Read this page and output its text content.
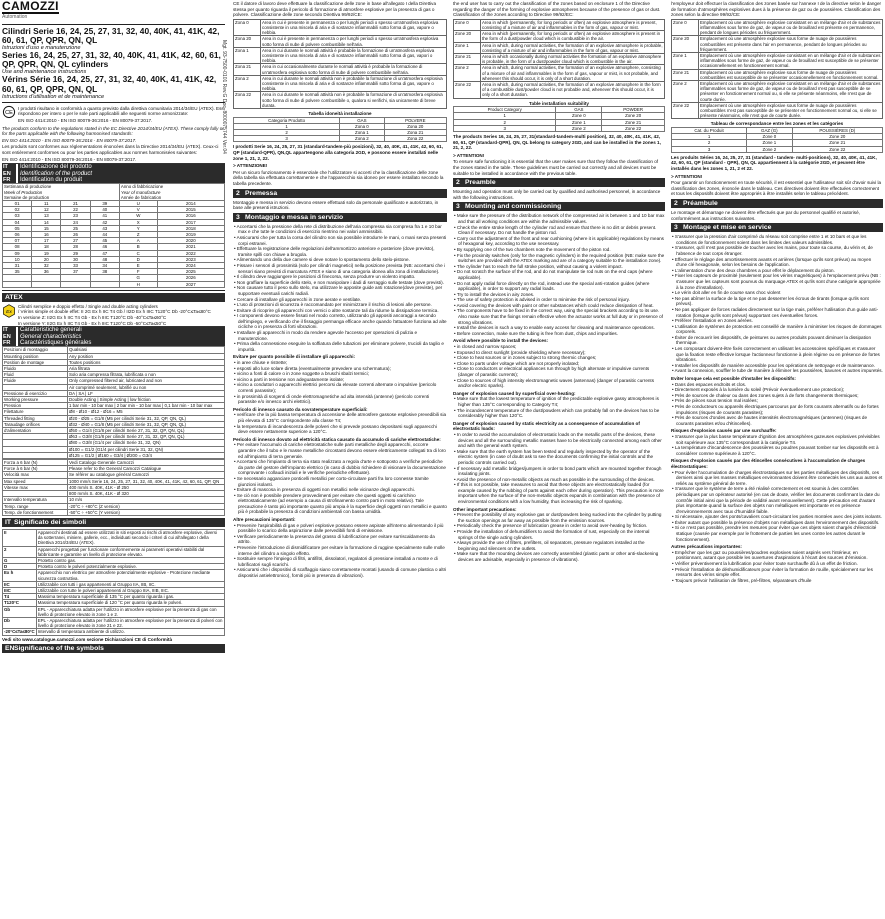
CAMOZZI
Automation
Cilindri Serie 16, 24, 25, 27, 31, 32, 40, 40K, 41, 41K, 42, 60, 61, QP, QPR, QN, QL
Istruzioni d'uso e manutenzione
Series 16, 24, 25, 27, 31, 32, 40, 40K, 41, 41K, 42, 60, 61, QP, QPR, QN, QL cylinders
Use and maintenance instructions
Vérins Série 16, 24, 25, 27, 31, 32, 40, 40K, 41, 41K, 42, 60, 61, QP, QPR, QN, QL
Istructions d'utilisation et de maintenance
CE
I prodotti risultano in conformità a quanto previsto dalla direttiva comunitaria 2014/34/EU (ATEX). Essi rispondono per intero o per le sole parti applicabili alle seguenti norme armonizzate:
EN ISO 4414:2010 - EN ISO 80079-36:2016 - EN 80079-37:2017.
The products conform to the regulations stated in the EC Directive 2014/34/EU (ATEX). These comply fully or for the parts applicable with the following harmonised standards:
EN ISO 4414:2010 - EN ISO 80079-36:2016 - EN 80079-37:2017.
Les produits sont conformes aux réglementations énoncées dans la Directive 2014/34/EU (ATEX). Ceux-ci sont entièrement conformes ou pour les parties applicables aux normes harmonisées suivantes:
EN ISO 4414:2010 - EN ISO 80079-36:2016 - EN 80079-37:2017.
IT
EN
FR
Identificazione del prodotto
Identification of the product
Identification du produit
Settimana di produzione
Week of Production
Semaine de production				Anno di fabbricazione
Year of manufacture
Année de fabrication	
01	11	21	39	U	2014
02	12	22	40	V	2015
03	13	23	41	W	2016
04	14	24	42	X	2017
05	15	25	43	Y	2018
06	16	26	44	Z	2019
07	17	27	45	A	2020
08	18	28	46	B	2021
09	19	29	47	C	2022
10	20	30	48	D	2023
31	32	33	34	E	2024
35	36	37	38	F	2025
				G	2026
				H	2027
ATEX
Ex
Cilindri semplice e doppio effetto / Single and double acting cylinders
/ Vérins simple et double effet: II 2G Ex h IIC T4 Gb / II2D Ex h IIIC T120°C Db -20°C≤Ta≤80°C
In versione Z: II2G Ex h IIC T4 Gb - Ex h IIIC T120°C Db -40°C≤Ta≤60°C
In versione Y: II2G Ex h IIC T4 Gb - Ex h IIIC T120°C Db -50°C≤Ta≤50°C
IT
EN
FR
Caratteristiche generali
General characteristics
Caractéristiques générales
Posizioni di montaggio	Qualsiasi
Mounting position	Any position
Position de montage	Toutes positions
Fluido	Aria filtrata
Fluid	Solo aria compressa filtrata, lubrificata o non
Fluide	Only compressed filtered air, lubricated and non
	Air comprimé seulement, lubrifié ou non
Pressione di esercizio	DA | SA | LF
Working pressure	Double Acting | Simple Acting | low friction
Pression	1 bar min - 10 bar max | 2 bar min - 10 bar max | 0,1 bar min - 10 bar max
Filettature	Ø8 - Ø10 - Ø12 - Ø16 = M5
Threaded fitting	Ø20 - Ø25 = G1/8 (M5 per cilindri Serie 31, 32, QP, QN, QL)
Taraudage orifices	Ø32 - Ø40 = G1/8 (M5 per cilindri Serie 31, 32, QP, QN, QL)
d'alimentation	Ø50 = G1/4 (G1/8 per cilindri Serie 27, 31, 32, QP, QN, QL)
	Ø63 = G3/8 (G1/8 per cilindri Serie 27, 31, 32, QP, QN, QL)
	Ø80 = G3/8 (G1/4 per cilindri Serie 31, 32, QN)
	Ø100 = G1/2 (G1/4 per cilindri Serie 31, 32, QN)
	Ø125 = G1/2 | Ø160 = G3/4 | Ø200 = G3/4
Forza a 6 bar (N)	Vedi Catalogo Generale Camozzi
Force à 6 bar (N)	Please refer to the General Camozzi Catalogue
Velocità max	Se référer au catalogue général Camozzi
Max speed	1000 mm/s Serie 16, 24, 25, 27, 31, 32, 40, 40K, 41, 41K, 42, 60, 61, QP, QN
Vitesse max	400 mm/s S. 40K, 41K - Ø 250
	800 mm/s S. 40K, 41K - Ø 320
Intervallo temperatura	10 m/s
Temp. range	-20°C ÷ +80°C (Z version)
Temp. de fonctionnement	-50°C ÷ +50°C (Y version)
IT Significato dei simboli
II	Apparecchi destinati ad essere utilizzati in siti esposti ai rischi di atmosfere esplosive, diversi da sotterranei, miniere, gallerie, ecc., individuati secondo i criteri di cui all'allegato I della Direttiva 2014/34/EU (ATEX).
2	Apparecchi progettati per funzionare conformemente ai parametri operativi stabiliti dal fabbricante e garantire un livello di protezione elevato.
G	Protetto contro gas.
D	Protetto contro le polveri potenzialmente esplosive.
Ex h	Apparecchio non elettrico per atmosfere potenzialmente esplosive - Protezione mediante sicurezza costruttiva.
IIC	Utilizzabile con tutti i gas appartenenti al Gruppo IIA, IIB, IIC.
IIIC	Utilizzabile con tutte le polveri appartenenti al Gruppo IIIA, IIIB, IIIC.
T4	Massima temperatura superficiale di 135 °C per quanto riguarda i gas.
T120°C	Massima temperatura superficiale di 120 °C per quanto riguarda le polveri.
Gb	EPL - Apparecchiatura adatta per l'utilizzo in atmosfere esplosive per la presenza di gas con livello di protezione elevato in zone 1 e 2.
Db	EPL - Apparecchiatura adatta per l'utilizzo in atmosfere esplosive per la presenza di polveri con livello di protezione elevato in zone 21 e 22.
-20°C≤Ta≤80°C	Intervallo di temperatura ambiente di utilizzo.
Vedi sito www.catalogue.camozzi.com sezione Dichiarazioni CE di Conformità
ENSignificance of the symbols
Mgt. 93-7500-0101 Rev.G Doc. 8000075744 Ver.04
CE il datore di lavoro deve effettuare la classificazione delle zone in base all'allegato I della Direttiva stessa per quanto riguarda il pericolo di formazione di atmosfere esplosive per la presenza di gas o polvere. Classificazione delle zone secondo Direttiva 99/92/CE:
Zona 0	Area in cui è presente in permanenza o per lunghi periodi o spesso un'atmosfera esplosiva consistente in una miscela di aria e di sostanze infiammabili sotto forma di gas, vapore o nebbia.
Zona 20	Area in cui è presente in permanenza o per lunghi periodi o spesso un'atmosfera esplosiva sotto forma di nube di polvere combustibile nell'aria.
Zona 1	Area in cui durante le normali attività è probabile la formazione di un'atmosfera esplosiva consistente in una miscela di aria e di sostanze infiammabili sotto forma di gas, vapori o nebbia.
Zona 21	Area in cui occasionalmente durante le normali attività è probabile la formazione di un'atmosfera esplosiva sotto forma di nube di polvere combustibile nell'aria.
Zona 2	Area in cui durante le normali attività non è probabile la formazione di un'atmosfera esplosiva consistente in una miscela di aria e di sostanze infiammabili sotto forma di gas, vapore o nebbia.
Zona 22	Area in cui durante le normali attività non è probabile la formazione di un'atmosfera esplosiva sotto forma di nube di polvere combustibile o, qualora si verifichi, sia unicamente di breve durata.
Tabella idoneità installazione
Categoria Prodotto	GAS	POLVERE
1	Zona 0	Zona 20
2	Zona 1	Zona 21
3	Zona 2	Zona 22
I prodotti Serie 16, 24, 25, 27, 31 (standard-tandem-più posizioni), 32, 40, 40K, 41, 41K, 42, 60, 61, QP (standard-QPR), QN,QL appartengono alla categoria 2GD, e possono essere installati nelle zone 1, 21, 2, 22.
> ATTENZIONE!
Per un sicuro funzionamento è essenziale che l'utilizzatore si accerti che la classificazione delle zone della tabella sia effettuata correttamente e che l'apparecchio sia idoneo per essere installato secondo la tabella precedente.
2 Premessa
Montaggio e messa in servizio devono essere effettuati solo da personale qualificato e autorizzato, in base alle presenti istruzioni.
3 Montaggio e messa in servizio
• Accertarsi che la pressione della rete di distribuzione dell'aria compressa sia compresa fra 1 e 10 bar max e che tutte le condizioni di esercizio rientrino nei valori ammissibili.
• Assicurarsi che per tutta la corsa del cilindro non sia possibile introdurre le mani, o mani senza presenti corpi estranei.
• Effettuare la registrazione delle regolazioni dell'ammortizzo anteriore e posteriore (dove previsto), tramite spilli con chiave a brugola.
• Alimentando uno della due camere si deve notare lo spostamento dello stelo-pistone.
• Fissare i sensori di prossimità (solo per cilindri magnetici) nella posizione prevista (NB: accertarsi che i sensori siano previsti di marcatura ATEX e siano di una categoria idonea alla zona di installazione).
• Il cilindro deve raggiungere le posizioni di finecorsa, senza produrre un violento impatto.
• Non graffiare la superficie dello stelo, e non manipolare i dadi di serraggio sulle testate (dove previsti).
• Non causare tutto il peso sullo stelo, ma utilizzare le apposite guide anti rotazione(dove previste), per supportare eventuali carichi radiali.
• Cercare di installare gli apparecchi in zone aerate e ventilate.
• L'uso di protezioni di sicurezza è raccomandato per minimizzare il rischio di lesioni alle persone.
• Evitare di ricoprire gli apparecchi con vernici o altre sostanze tali da ridurne la dissipazione termica.
• I componenti devono essere fissati nel modo corretto, utilizzando gli appositi ancoraggi a secondo dell'impiego, e verificando che il fissaggio permanga efficace anche quando l'attuatore funziona ad alte cicliche o in presenza di forti vibrazioni.
• Installare gli apparecchi in modo da rendere agevole l'accesso per operazioni di pulizia e manutenzione.
• Prima della connessione eseguire la soffiatura delle tubazioni per eliminare polvere, trucioli da taglio e impurità.
Evitare per quanto possibile di installare gli apparecchi:
• in aree chiuse e ristrette;
• esposti allo luce solare diretta (eventualmente prevedere uno schermatura);
• vicino a fonti di calore o in zone soggette a bruschi sbalzi termici;
• vicino a parti in tensione non adeguatamente isolate;
• vicino a conduttori o apparecchi elettrici percorsi da elevate correnti alternate o impulsive (pericolo correnti parassite);
• in prossimità di sorgenti di onde elettromagnetiche ad alta intensità (antenne) (pericolo correnti parassite e/o innesco archi elettrici).
Pericolo di innesco causato da sovratemperature superficiali:
• verificare che la più bassa temperatura di accensione delle atmosfere gassose esplosive prevedibili sia più elevata di 135°C corrispondente alla classe T4;
• la temperatura di incandescenza delle polveri che si prevede possano depositarsi sugli apparecchi deve essere nettamente superiore a 120°C.
Pericolo di innesco dovuto ad elettricità statica causato da accumulo di cariche elettrostatiche:
• Per evitare l'accumulo di cariche elettrostatiche sulle parti metalliche degli apparecchi, occorre garantire che il tubo e le masse metalliche circostanti devono essere elettricamente collegati tra di loro ed all'impianto di terra generale.
• Accertarsi che l'impianto di terra sia stato realizzato a regola d'arte e sottoposto a verifiche periodiche da parte del gestore dell'impianto elettrico (in caso di dubbio richiedere di visionare la documentazione comprovante i collaudi iniziali e le verifiche periodiche effettuate).
• Se necessario agganciare ponticelli metallici per corto-circuitare parti fra loro connesse tramite giunzioni isolanti.
• Evitare di mascosa in presenza di oggetti non metallici nelle vicinanze degli apparecchi.
• Se ciò non è possibile prendere provvedimenti per evitare che questi oggetti si carichino elettrostaticamente (ad esempio a causa di strofinamento contro parti in moto relativo). Tale precauzione è tanto più importante quanto più ampia è la superficie degli oggetti non metallici e quanto più è probabile la presenza di condizioni ambientali con bassa umidità.
Altre precauzioni importanti:
• Prevenire l'aspirabilità di gas e polveri esplosive possano essere aspirate all'interno alimentando il più possibile lo scarico della aspirazione dalle pervedibili fonti di emissione.
• Verificare periodicamente la presenza del grasso di lubrificazione per evitare surriscaldamento da attrito.
• Prevenire l'introduzione di dismidificatore per evitare la formazione di ruggine specialmente sulle molle interne del cilindro a singolo effetto.
• Sostituire sempre l'impiego di filtri, antifiltri, dissolatori, regolatori di pressione installati a monte e di lubrificatori sugli scarichi.
• Assicurarsi che i dispositivi di scaffaggio siano correttamente montati (usando di comune plastica o altri dispositivi antielettronico), forniti più in presenza di vibrazioni).
the end user has to carry out the classification of the zones based on enclosure 1 of the Directive regarding the danger of the forming of explosive atmospheres because of the presence of gas or dust. Classification of the zones according to Directive 99/92/EC:
Zone 0	Area in which (permanently, for long periods or often) an explosive atmosphere is present, consisting of a mixture of air and inflammables in the form of gas, vapour or mist.
Zone 20	Area in which (permanently, for long periods or often) an explosive atmosphere is present in the form of a dust/powder cloud which is combustible in the air.
Zone 1	Area in which, during normal activities, the formation of an explosive atmosphere is probable, consisting of a mixture of air and inflammables in the form of gas, vapour or mist.
Zone 21	Area in which occasionally during normal activities the formation of an explosive atmosphere is probable, in the form of a dust/powder cloud which is combustible in the air.
Zone 2	Area in which, during normal activities, the formation of an explosive atmosphere, consisting of a mixture of air and inflammables in the form of gas, vapour or mist, is not probable, and whenever this should occur, it is only of a short duration.
Zone 22	Area in which, during normal activities, the formation of an explosive atmosphere in the form of a combustible dust/powder cloud is not probable and, whenever this should occur, it is only of a short duration.
Table installation suitability
Product Category	GAS	POWDER
1	Zone 0	Zone 20
2	Zone 1	Zone 21
3	Zone 2	Zone 22
The products Series 16, 24, 25, 27, 31(standard-tandem-multi position), 32, 40, 40K, 41, 41K, 42, 60, 61, QP (standard-QPR), QN, QL belong to category 2GD, and can be installed in the zones 1, 21, 2, 22.
> ATTENTION!
To ensure safe functioning it is essential that the user makes sure that they follow the classification of the zones stated in the table. These guidelines must be carried out correctly and all devices must be suitable to be installed in accordance with the previous table.
2 Preamble
Mounting and operation must only be carried out by qualified and authorised personnel, in accordance with the following instructions.
3 Mounting and commissioning
• Make sure the pressure of the distribution network of the compressed air is between 1 and 10 bar max and that all working conditions are within the admissible values.
• Check the entire stroke length of the cylinder rod and ensure that there is no dirt or debris present. Clean if necessary. Do not handle the piston rod.
• Carry out the adjustment of the front and rear cushioning (where it is applicable) regulations by means of hexagonal key, according to the use necessary.
• By supplying one of the two chambers note the movement of the piston rod.
• Fix the proximity switches (only for the magnetic cylinders) in the required position (NB: make sure the switches are provided with the ATEX marking and are of a category suitable to the installation zone).
• The cylinder has to reach the full stroke position, without causing a violent impact.
• Do not scratch the surface of the rod, and do not manipulate tie rod nuts on the end caps (where applicable).
• Do not apply radial force directly on the rod, instead use the special anti-rotation guides (where applicable), in order to support any radial loads.
• Try to install the devices in airy zones.
• The use of safety protection is advised in order to minimise the risk of personal injury.
• Avoid covering the devices with paint or other substances which could reduce dissipation of heat.
• The components have to be fixed in the correct way, using the special brackets according to its use. Also make sure that the fixings remain effective when the actuator works at full duty or in presence of strong vibrations.
• Install the devices in such a way to enable easy access for cleaning and maintenance operations.
• Before connection, make sure the tubing is free from dust, chips and impurities.
Avoid where possible to install the devices:
• in closed and narrow spaces;
• Exposed to direct sunlight (provide shielding where necessary);
• Close to heat sources or in zones subject to strong thermic changes;
• Close to parts under voltage which are not properly isolated;
• Close to conductors or electrical appliances run through by high alternate or impulsive currents (danger of parasitic currents);
• Close to sources of high intensity electromagnetic waves (antennas) (danger of parasitic currents and/or electric sparks).
Danger of explosion caused by superficial over-heating:
• Make sure that the lowest temperature of ignition of the predictable explosive gassy atmospheres is higher than 135°C corresponding to Category T4;
• The incandescent temperature of the dust/powders which can probably fall on the devices has to be considerably higher than 120°C.
Danger of explosion caused by static electricity as a consequence of accumulation of electrostatic loads:
• In order to avoid the accumulation of electrostatic loads on the metallic parts of the devices, these devices and all the surrounding metallic masses have to be electrically connected among each other and with the general earth system.
• Make sure that the earth system has been tested and regularly inspected by the operator of the electric system (in case of doubt ask to see the documents confirming the initial controls and the periodic controls carried out).
• If necessary add metallic bridges/jumpers in order to bond parts which are mounted together through insulating joints.
• Avoid the presence of non-metallic objects as much as possible in the surrounding of the devices.
• If this is not possible, take measures to avoid that these objects are electrostatically loaded (for example caused by the rubbing of parts against each other during operation). This precaution is more important when the surface of the non-metallic objects expands in combination with the presence of environmental conditions with a low humidity, thus increasing the risk of sparking.
Other important precautions:
• Prevent the possibility of any explosive gas or dust/powders being sucked into the cylinder by putting the suction openings as far away as possible from the emission sources.
• Periodically check the presence of lubrication grease in order to avoid over-heating by friction.
• Provide the installation of dehumidifiers to avoid the formation of rust, especially on the internal springs of the single acting cylinders.
• Always provide the use of filters, prefilters, oil separators, pressure regulators installed at the beginning and silencers on the outlets.
• Make sure that the mounting devices are correctly assembled (plastic parts or other anti-slackening devices are advisable, especially in presence of vibrations).
l'employeur doit effectuer la classification des zones basée sur l'annexe I de la directive selon le danger de formation d'atmosphères explosives dues à la présence de gaz ou de poussières. Classification des zones selon la directive 99/92/CE:
Zone 0	Emplacement où une atmosphère explosive consistant en un mélange d'air et de substances inflammables sous forme de gaz, de vapeur ou de brouillard est présente en permanence, pendant de longues périodes ou fréquemment.
Zone 20	Emplacement où une atmosphère explosive sous forme de nuage de poussières combustibles est présente dans l'air en permanence, pendant de longues périodes ou fréquemment.
Zone 1	Emplacement où une atmosphère explosive consistant en un mélange d'air et de substances inflammables sous forme de gaz, de vapeur ou de brouillard est susceptible de se présenter occasionnellement en fonctionnement normal.
Zone 21	Emplacement où une atmosphère explosive sous forme de nuage de poussières combustibles est susceptible de se présenter occasionnellement en fonctionnement normal.
Zone 2	Emplacement où une atmosphère explosive consistant en un mélange d'air et de substances inflammables sous forme de gaz, de vapeur ou de brouillard n'est pas susceptible de se présenter en fonctionnement normal ou, si elle se présente néanmoins, elle n'est que de courte durée.
Zone 22	Emplacement où une atmosphère explosive sous forme de nuage de poussières combustibles n'est pas susceptible de se présenter en fonctionnement normal ou, si elle se présente néanmoins, elle n'est que de courte durée.
Tableau de correspondance entre les zones et les catégories
Cat. du Produit	GAZ (G)	POUSSIÈRES (D)
1	Zone 0	Zone 20
2	Zone 1	Zone 21
3	Zone 2	Zone 22
Les produits Séries 16, 24, 25, 27, 31 (standard - tandem- multi-positions), 32, 40, 40K, 41, 41K, 42, 60, 61, QP (standard - QPR), QN, QL appartiennent à la catégorie 2GD, et peuvent être installés dans les zones 1, 21, 2 et 22.
> ATTENTION!
Pour garantir un fonctionnement en toute sécurité, il est essentiel que l'utilisateur soit sûr d'avoir suivi la classification des zones, énoncée dans le tableau. Ces directives doivent être effectuées correctement et tous les dispositifs doivent être appropriés à être installés selon le tableau précédent.
2 Préambule
Le montage et démarrage ne doivent être effectués que par du personnel qualifié et autorisé, conformément aux instructions suivantes.
3 Montage et mise en service
• S'assurer que la pression d'air comprimé du réseau soit comprise entre 1 et 10 bars et que les conditions de fonctionnement soient dans les limites des valeurs admissibles.
• S'assurer, qu'il n'est pas possible de toucher avec les mains, pour toute sa course, du vérin et, de l'absence de tout corps étranger.
• Effectuer le réglage des amortissements avants et arrières (lorsque qu'ils sont prévus) au moyen d'une clé hexagonale, selon les besoins de l'application.
• L'alimentation d'une des deux chambres a pour effet le déplacement du piston.
• Fixer les capteurs de proximité (seulement pour les vérins magnétiques) à l'emplacement prévu (NB : s'assurer que les capteurs sont pourvus du marquage ATEX et qu'ils sont d'une catégorie appropriée à la zone d'installation).
• Le vérin doit aller en fin de course sans choc violent
• Ne pas abîmer la surface de la tige et ne pas desserrer les écrous de tirants (lorsque qu'ils sont prévus).
• Ne pas appliquer de forces radiales directement sur la tige mais, préférer l'utilisation d'un guide anti-rotation (lorsque qu'ils sont prévus) supportant ces éventuelles forces.
• Préférer l'installation en zones aérées.
• L'utilisation de systèmes de protection est conseillé de manière à minimiser les risques de dommages corporels.
• Éviter de recouvrir les dispositifs, de peintures ou autres produits pouvant diminuer la dissipation thermique.
• Les composant doivent-être fixés correctement en utilisant les accessoires spécifiques et s'assurer que la fixation reste effective lorsque l'actionneur fonctionne à plein régime ou en présence de fortes vibrations.
• Installer les dispositifs de manière accessible pour les opérations de nettoyage et de maintenance.
• Avant la connexion, souffler le tube de manière à éliminer les poussières, bavures et autres impuretés.
Eviter lorsque cela est possible d'installer les dispositifs:
• Dans des espaces endroits et clos.
• Directement exposés à la lumière du soleil (Prévoir éventuellement une protection);
• Près de sources de chaleur ou dans des zones sujets à de forts changements thermiques;
• Près de pièces sous tension mal isolées;
• Près de conducteurs ou appareils électriques parcourus par de forts courants alternatifs ou de fortes impulsions (risques de courants parasites);
• Près de sources d'ondes avec de hautes intensités électromagnétiques (antennes) (risques de courants parasites et/ou d'étincelles).
Risques d'explosion causés par une surchauffe:
• S'assurer que la plus basse température d'ignition des atmosphères gazeuses explosives prévisibles soit supérieure aux 135°C correspondant à la catégorie T4.
• La température d'incandescence des poussières ou poudres pouvant tomber sur les dispositifs est à considérer comme supérieure à 120°C.
Risques d'explosion causés par des étincelles consécutives à l'accumulation de charges électrostatiques:
• Pour éviter l'accumulation de charges électrostatiques sur les parties métalliques des dispositifs, ces derniers ainsi que les masses métalliques environnantes doivent être connectés les uns aux autres et reliés au système général de terre.
• S'assurer que le système de terre a été réalisé correctement et est soumis à des contrôles périodiques par un opérateur autorisé (en cas de doute, vérifier les documents confirmant la date du contrôle initial ainsi que la période de validité avant renouvellement). Cette précaution est d'autant plus importante quand la surface des objets non métalliques est importante et en présence d'environnements avec taux d'humidité faible.
• Si nécessaire, ajouter des ponts/cavaliers court-circuitant les parties montées avec des joints isolants.
• Éviter autant que possible la présence d'objets non métalliques dans l'environnement des dispositifs.
• Si ce n'est pas possible, prendre les mesures pour éviter que ces objets soient chargés d'électricité statique (causée par exemple par le frottement de parties les unes contre les autres durant le fonctionnement).
Autres précautions importantes:
• Empêcher que les gaz ou poussières/poudres explosives soient aspirés vers l'intérieur, en positionnant, autant que possible les ouvertures d'aspirations à l'écart des sources d'émission.
• Vérifier préventivement la lubrification pour éviter toute surchauffe dû à un effet de friction.
• Prévoir l'installation de déshumidificateurs pour éviter la formation de rouille, spécialement sur les ressorts des vérins simple effet.
• Toujours prévoir l'utilisation de filtres, pré-filtres, séparateurs d'huile
